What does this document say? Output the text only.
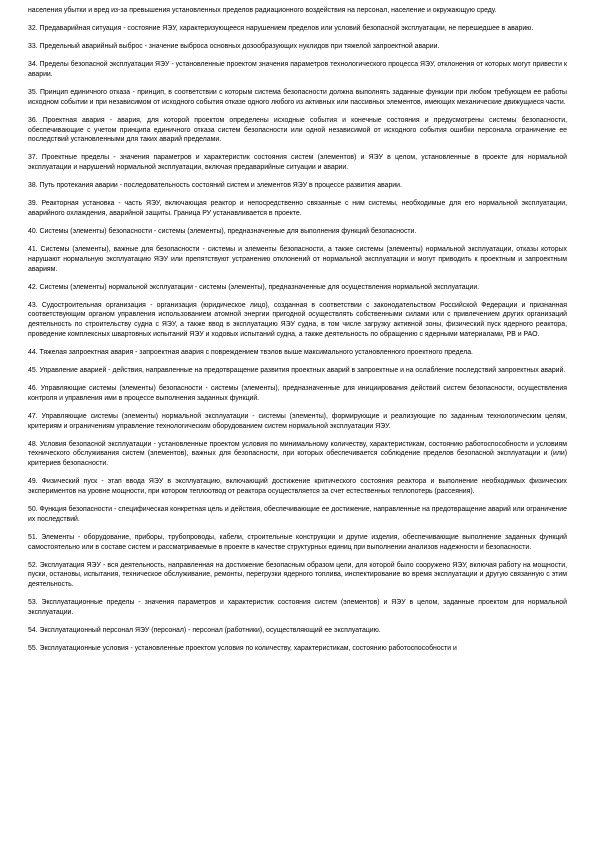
населения убытки и вред из-за превышения установленных пределов радиационного воздействия на персонал, население и окружающую среду.

32. Предаварийная ситуация - состояние ЯЭУ, характеризующееся нарушением пределов или условий безопасной эксплуатации, не перешедшее в аварию.

33. Предельный аварийный выброс - значение выброса основных дозообразующих нуклидов при тяжелой запроектной аварии.

34. Пределы безопасной эксплуатации ЯЭУ - установленные проектом значения параметров технологического процесса ЯЭУ, отклонения от которых могут привести к аварии.

35. Принцип единичного отказа - принцип, в соответствии с которым система безопасности должна выполнять заданные функции при любом требующем ее работы исходном событии и при независимом от исходного события отказе одного любого из активных или пассивных элементов, имеющих механические движущиеся части.

36. Проектная авария - авария, для которой проектом определены исходные события и конечные состояния и предусмотрены системы безопасности, обеспечивающие с учетом принципа единичного отказа систем безопасности или одной независимой от исходного события ошибки персонала ограничение ее последствий установленными для таких аварий пределами.

37. Проектные пределы - значения параметров и характеристик состояния систем (элементов) и ЯЭУ в целом, установленные в проекте для нормальной эксплуатации и нарушений нормальной эксплуатации, включая предаварийные ситуации и аварии.

38. Путь протекания аварии - последовательность состояний систем и элементов ЯЭУ в процессе развития аварии.

39. Реакторная установка - часть ЯЭУ, включающая реактор и непосредственно связанные с ним системы, необходимые для его нормальной эксплуатации, аварийного охлаждения, аварийной защиты. Граница РУ устанавливается в проекте.

40. Системы (элементы) безопасности - системы (элементы), предназначенные для выполнения функций безопасности.

41. Системы (элементы), важные для безопасности - системы и элементы безопасности, а также системы (элементы) нормальной эксплуатации, отказы которых нарушают нормальную эксплуатацию ЯЭУ или препятствуют устранению отклонений от нормальной эксплуатации и могут приводить к проектным и запроектным авариям.

42. Системы (элементы) нормальной эксплуатации - системы (элементы), предназначенные для осуществления нормальной эксплуатации.

43. Судостроительная организация - организация (юридическое лицо), созданная в соответствии с законодательством Российской Федерации и признанная соответствующим органом управления использованием атомной энергии пригодной осуществлять собственными силами или с привлечением других организаций деятельность по строительству судна с ЯЭУ, а также ввод в эксплуатацию ЯЭУ судна, в том числе загрузку активной зоны, физический пуск ядерного реактора, проведение комплексных швартовных испытаний ЯЭУ и ходовых испытаний судна, а также деятельность по обращению с ядерными материалами, РВ и РАО.

44. Тяжелая запроектная авария - запроектная авария с повреждением твэлов выше максимального установленного проектного предела.

45. Управление аварией - действия, направленные на предотвращение развития проектных аварий в запроектные и на ослабление последствий запроектных аварий.

46. Управляющие системы (элементы) безопасности - системы (элементы), предназначенные для инициирования действий систем безопасности, осуществления контроля и управления ими в процессе выполнения заданных функций.

47. Управляющие системы (элементы) нормальной эксплуатации - системы (элементы), формирующие и реализующие по заданным технологическим целям, критериям и ограничениям управление технологическим оборудованием систем нормальной эксплуатации ЯЭУ.

48. Условия безопасной эксплуатации - установленные проектом условия по минимальному количеству, характеристикам, состоянию работоспособности и условиям технического обслуживания систем (элементов), важных для безопасности, при которых обеспечивается соблюдение пределов безопасной эксплуатации и (или) критериев безопасности.

49. Физический пуск - этап ввода ЯЭУ в эксплуатацию, включающий достижение критического состояния реактора и выполнение необходимых физических экспериментов на уровне мощности, при котором теплоотвод от реактора осуществляется за счет естественных теплопотерь (рассеяния).

50. Функция безопасности - специфическая конкретная цель и действия, обеспечивающие ее достижение, направленные на предотвращение аварий или ограничение их последствий.

51. Элементы - оборудование, приборы, трубопроводы, кабели, строительные конструкции и другие изделия, обеспечивающие выполнение заданных функций самостоятельно или в составе систем и рассматриваемые в проекте в качестве структурных единиц при выполнении анализов надежности и безопасности.

52. Эксплуатация ЯЭУ - вся деятельность, направленная на достижение безопасным образом цели, для которой было сооружено ЯЭУ, включая работу на мощности, пуски, остановы, испытания, техническое обслуживание, ремонты, перегрузки ядерного топлива, инспектирование во время эксплуатации и другую связанную с этим деятельность.

53. Эксплуатационные пределы - значения параметров и характеристик состояния систем (элементов) и ЯЭУ в целом, заданные проектом для нормальной эксплуатации.

54. Эксплуатационный персонал ЯЭУ (персонал) - персонал (работники), осуществляющий ее эксплуатацию.

55. Эксплуатационные условия - установленные проектом условия по количеству, характеристикам, состоянию работоспособности и
